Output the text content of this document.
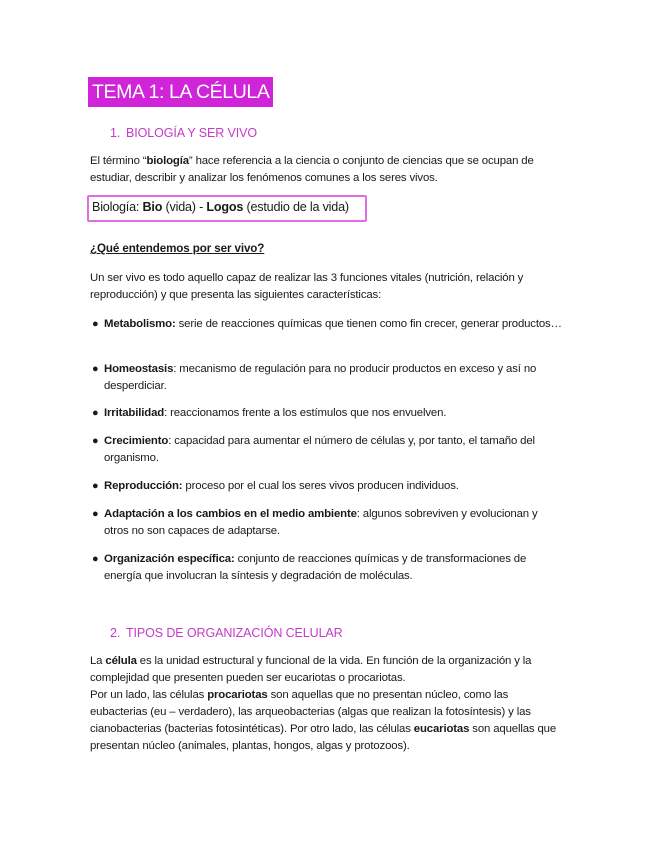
TEMA 1: LA CÉLULA
1. BIOLOGÍA Y SER VIVO

El término “biología” hace referencia a la ciencia o conjunto de ciencias que se ocupan de estudiar, describir y analizar los fenómenos comunes a los seres vivos.

Biología: Bio (vida) - Logos (estudio de la vida)
¿Qué entendemos por ser vivo?

Un ser vivo es todo aquello capaz de realizar las 3 funciones vitales (nutrición, relación y reproducción) y que presenta las siguientes características:

● Metabolismo: serie de reacciones químicas que tienen como fin crecer, generar productos…
● Homeostasis: mecanismo de regulación para no producir productos en exceso y así no desperdiciar.
● Irritabilidad: reaccionamos frente a los estímulos que nos envuelven.
● Crecimiento: capacidad para aumentar el número de células y, por tanto, el tamaño del organismo.
● Reproducción: proceso por el cual los seres vivos producen individuos.
● Adaptación a los cambios en el medio ambiente: algunos sobreviven y evolucionan y otros no son capaces de adaptarse.
● Organización específica: conjunto de reacciones químicas y de transformaciones de energía que involucran la síntesis y degradación de moléculas.
2. TIPOS DE ORGANIZACIÓN CELULAR

La célula es la unidad estructural y funcional de la vida. En función de la organización y la complejidad que presenten pueden ser eucariotas o procariotas.

Por un lado, las células procariotas son aquellas que no presentan núcleo, como las eubacterias (eu – verdadero), las arqueobacterias (algas que realizan la fotosíntesis) y las cianobacterias (bacterias fotosintéticas). Por otro lado, las células eucariotas son aquellas que presentan núcleo (animales, plantas, hongos, algas y protozoos).
